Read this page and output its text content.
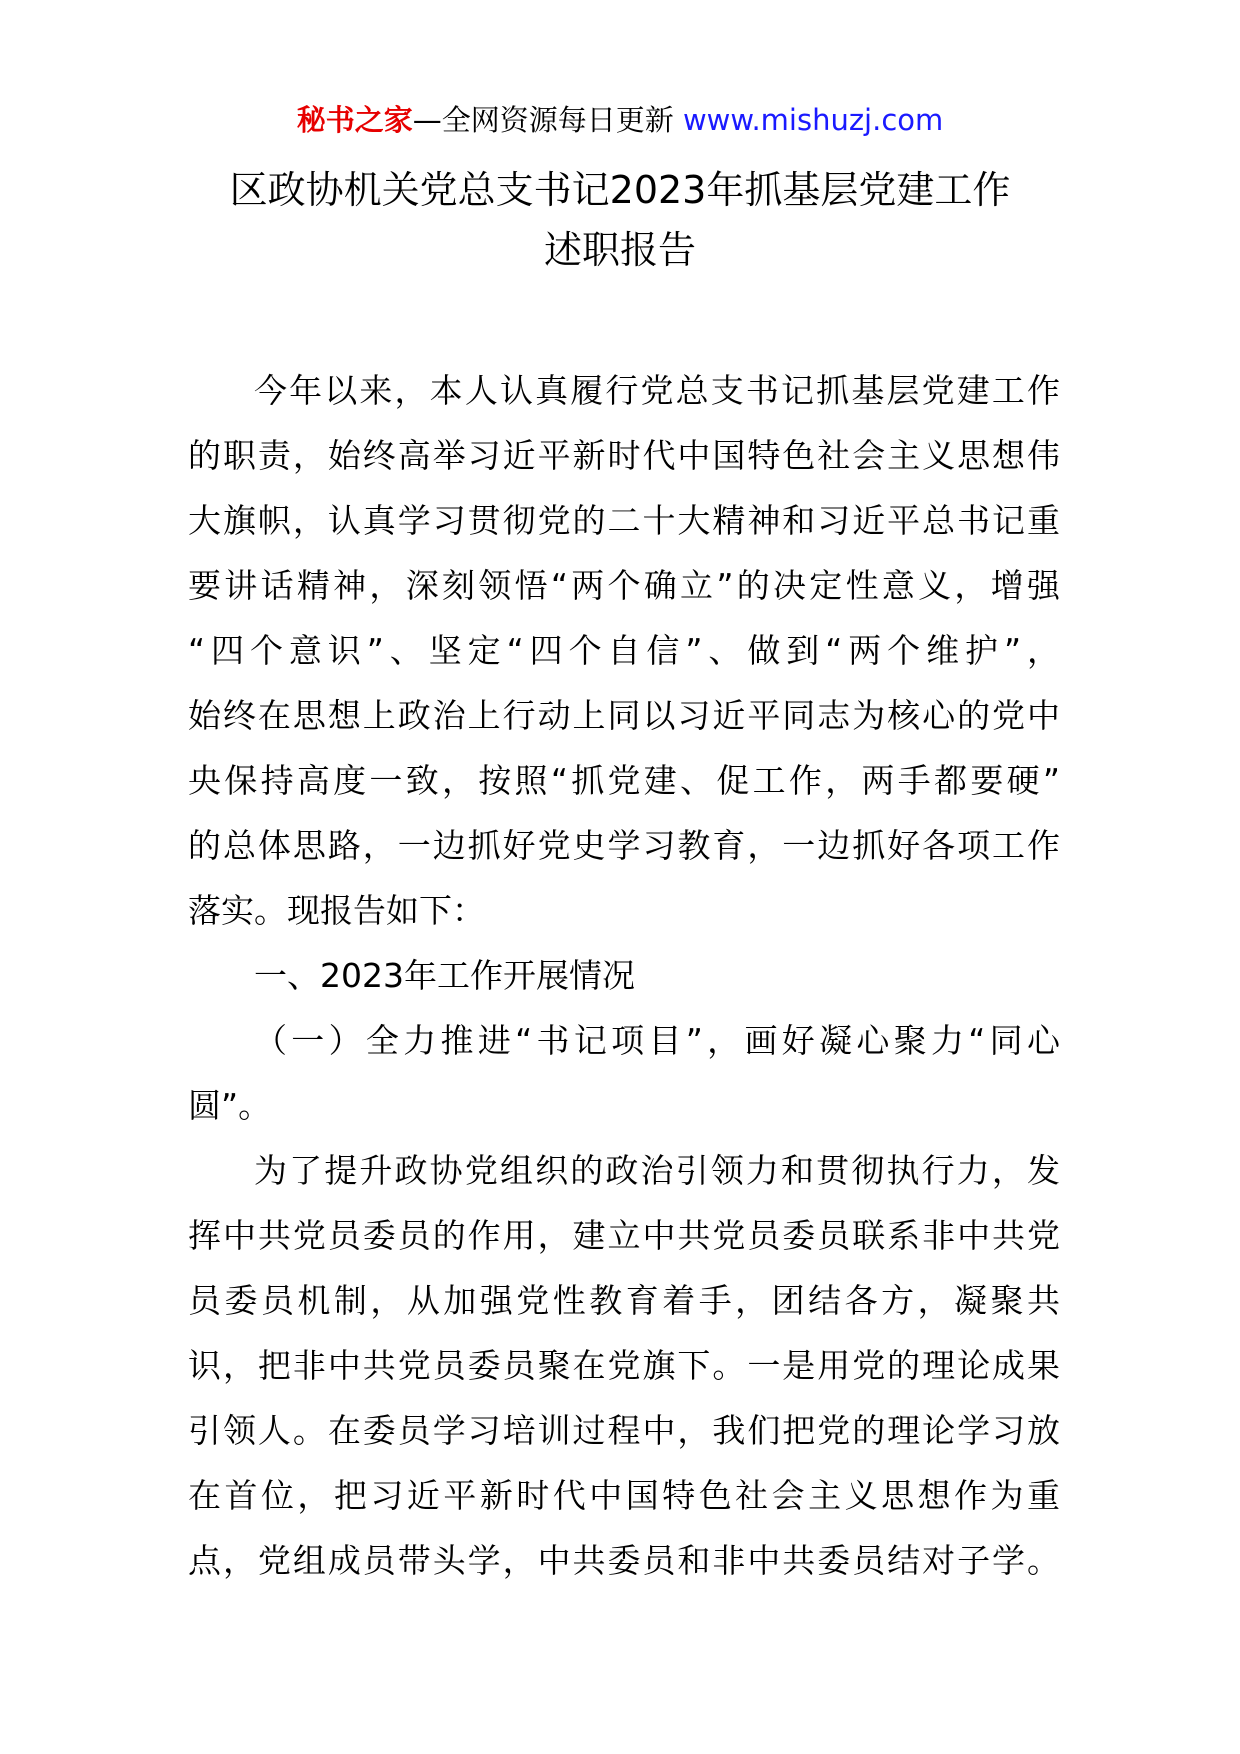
秘书之家—全网资源每日更新 www.mishuzj.com
区政协机关党总支书记2023年抓基层党建工作
述职报告
今年以来，本人认真履行党总支书记抓基层党建工作
的职责，始终高举习近平新时代中国特色社会主义思想伟
大旗帜，认真学习贯彻党的二十大精神和习近平总书记重
要讲话精神，深刻领悟“两个确立”的决定性意义，增强
“四个意识”、坚定“四个自信”、做到“两个维护”，
始终在思想上政治上行动上同以习近平同志为核心的党中
央保持高度一致，按照“抓党建、促工作，两手都要硬”
的总体思路，一边抓好党史学习教育，一边抓好各项工作
落实。现报告如下：
一、2023年工作开展情况
（一）全力推进“书记项目”，画好凝心聚力“同心
圆”。
为了提升政协党组织的政治引领力和贯彻执行力，发
挥中共党员委员的作用，建立中共党员委员联系非中共党
员委员机制，从加强党性教育着手，团结各方，凝聚共
识，把非中共党员委员聚在党旗下。一是用党的理论成果
引领人。在委员学习培训过程中，我们把党的理论学习放
在首位，把习近平新时代中国特色社会主义思想作为重
点，党组成员带头学，中共委员和非中共委员结对子学。
